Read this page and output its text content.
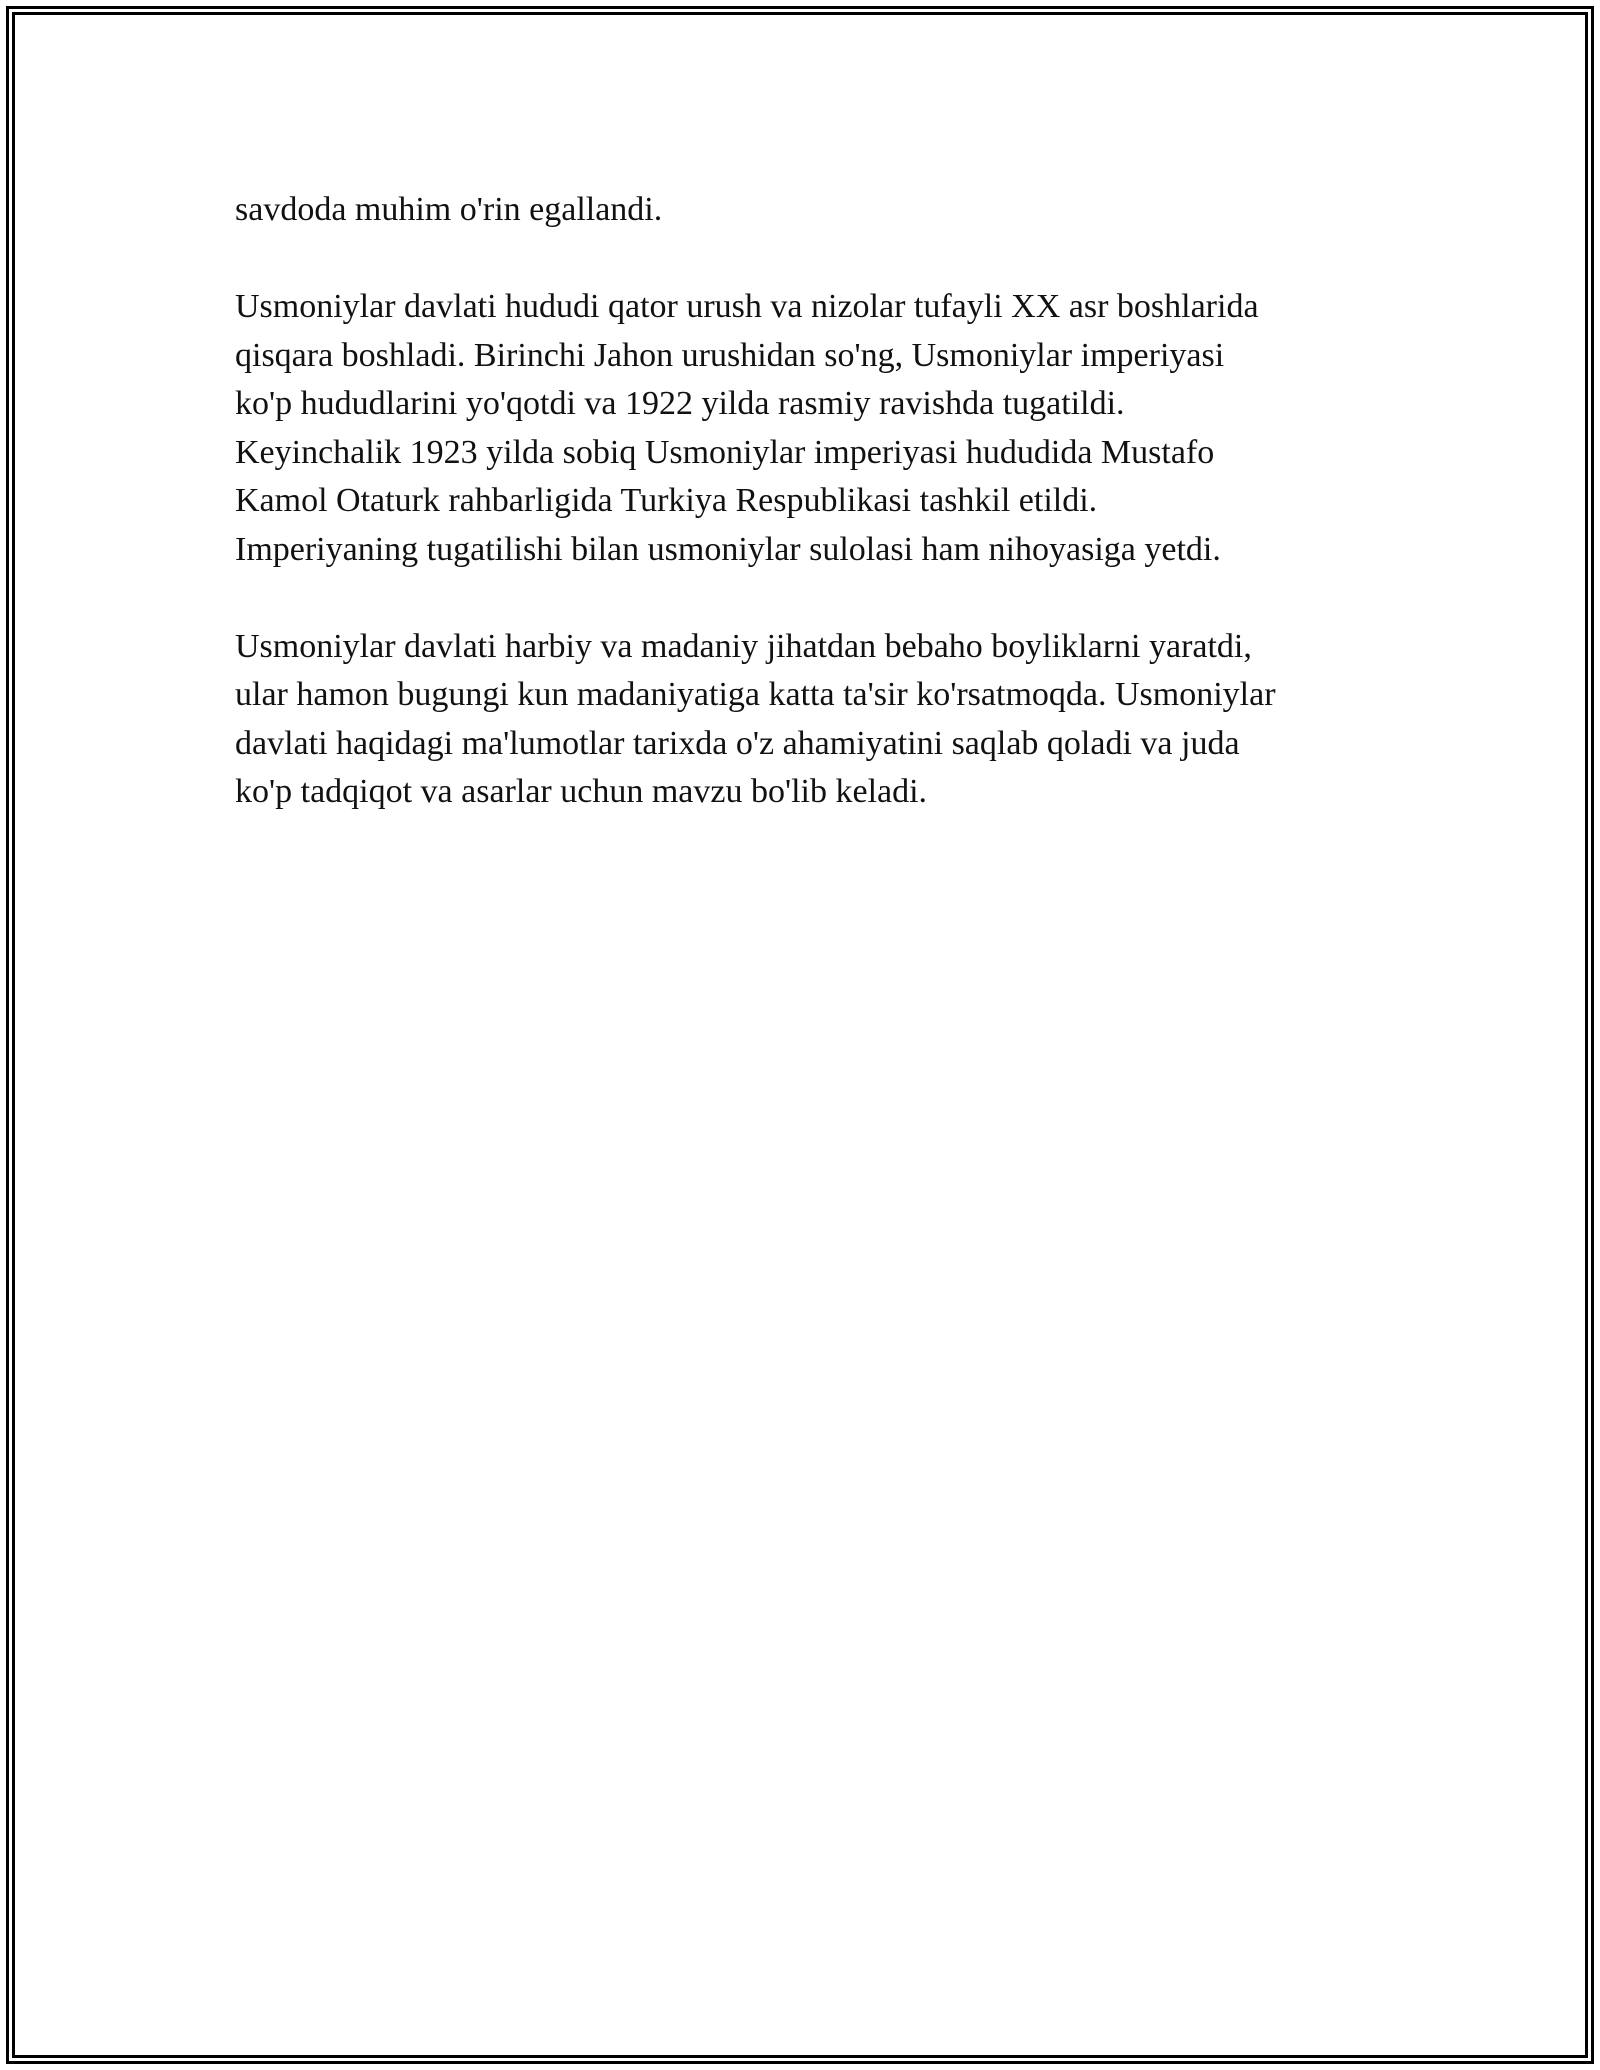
savdoda muhim o'rin egallandi.

Usmoniylar davlati hududi qator urush va nizolar tufayli XX asr boshlarida
qisqara boshladi. Birinchi Jahon urushidan so'ng, Usmoniylar imperiyasi
ko'p hududlarini yo'qotdi va 1922 yilda rasmiy ravishda tugatildi.
Keyinchalik 1923 yilda sobiq Usmoniylar imperiyasi hududida Mustafo
Kamol Otaturk rahbarligida Turkiya Respublikasi tashkil etildi.
Imperiyaning tugatilishi bilan usmoniylar sulolasi ham nihoyasiga yetdi.

Usmoniylar davlati harbiy va madaniy jihatdan bebaho boyliklarni yaratdi,
ular hamon bugungi kun madaniyatiga katta ta'sir ko'rsatmoqda. Usmoniylar
davlati haqidagi ma'lumotlar tarixda o'z ahamiyatini saqlab qoladi va juda
ko'p tadqiqot va asarlar uchun mavzu bo'lib keladi.
